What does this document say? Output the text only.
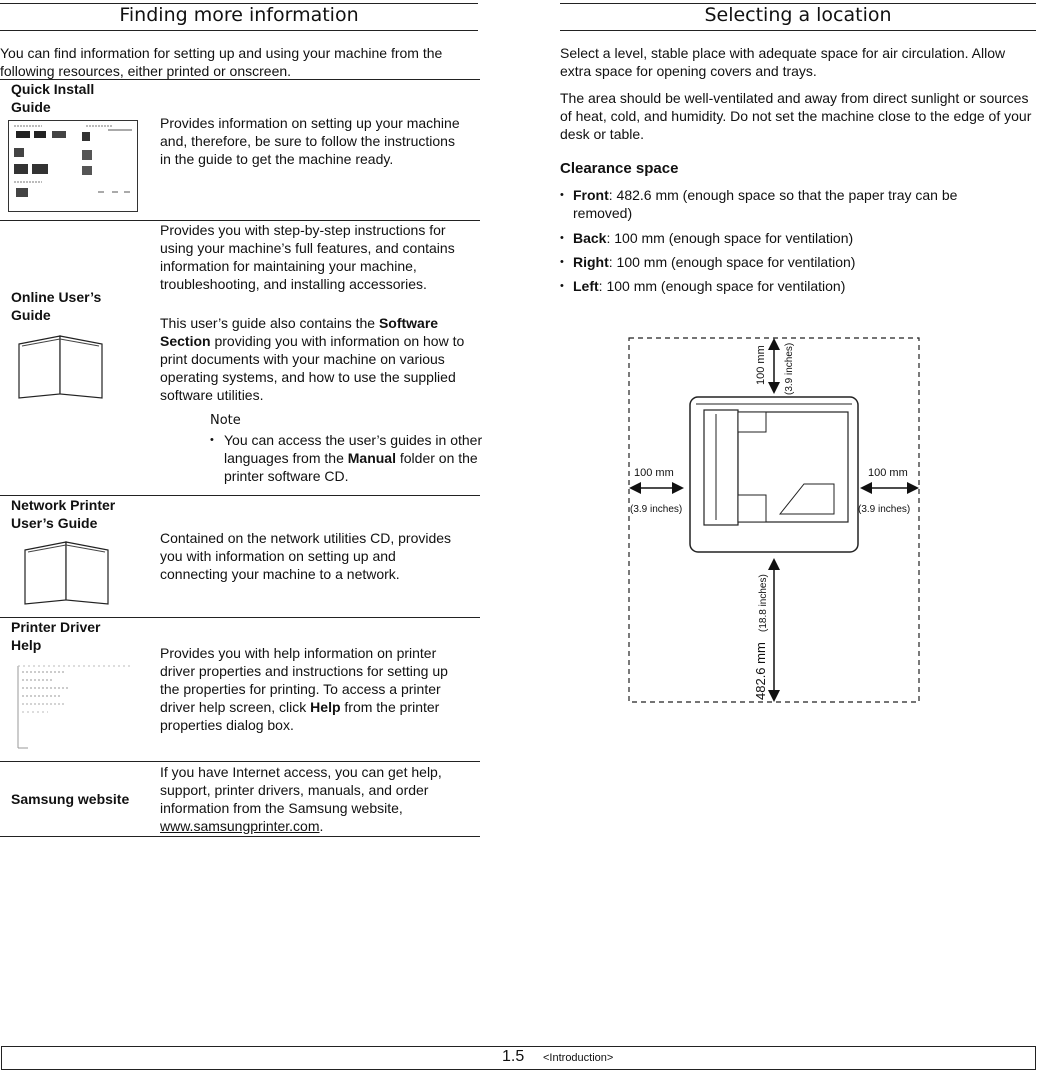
Finding more information
You can find information for setting up and using your machine from the following resources, either printed or onscreen.
Quick Install Guide
Provides information on setting up your machine and, therefore, be sure to follow the instructions in the guide to get the machine ready.
Online User’s Guide
Provides you with step-by-step instructions for using your machine’s full features, and contains information for maintaining your machine, troubleshooting, and installing accessories.
This user’s guide also contains the Software Section providing you with information on how to print documents with your machine on various operating systems, and how to use the supplied software utilities.
Note
• You can access the user’s guides in other languages from the Manual folder on the printer software CD.
Network Printer User’s Guide
Contained on the network utilities CD, provides you with information on setting up and connecting your machine to a network.
Printer Driver Help	Provides you with help information on printer driver properties and instructions for setting up the properties for printing. To access a printer driver help screen, click Help from the printer properties dialog box.
Samsung website
If you have Internet access, you can get help, support, printer drivers, manuals, and order information from the Samsung website, www.samsungprinter.com.
Selecting a location
Select a level, stable place with adequate space for air circulation. Allow extra space for opening covers and trays.
The area should be well-ventilated and away from direct sunlight or sources of heat, cold, and humidity. Do not set the machine close to the edge of your desk or table.
Clearance space
• Front: 482.6 mm (enough space so that the paper tray can be removed)
• Back: 100 mm (enough space for ventilation)
• Right: 100 mm (enough space for ventilation)
• Left: 100 mm (enough space for ventilation)
100 mm (3.9 inches)
100 mm
(3.9 inches)
100 mm
(3.9 inches)
482.6 mm
(18.8 inches)
1.5 <Introduction>
